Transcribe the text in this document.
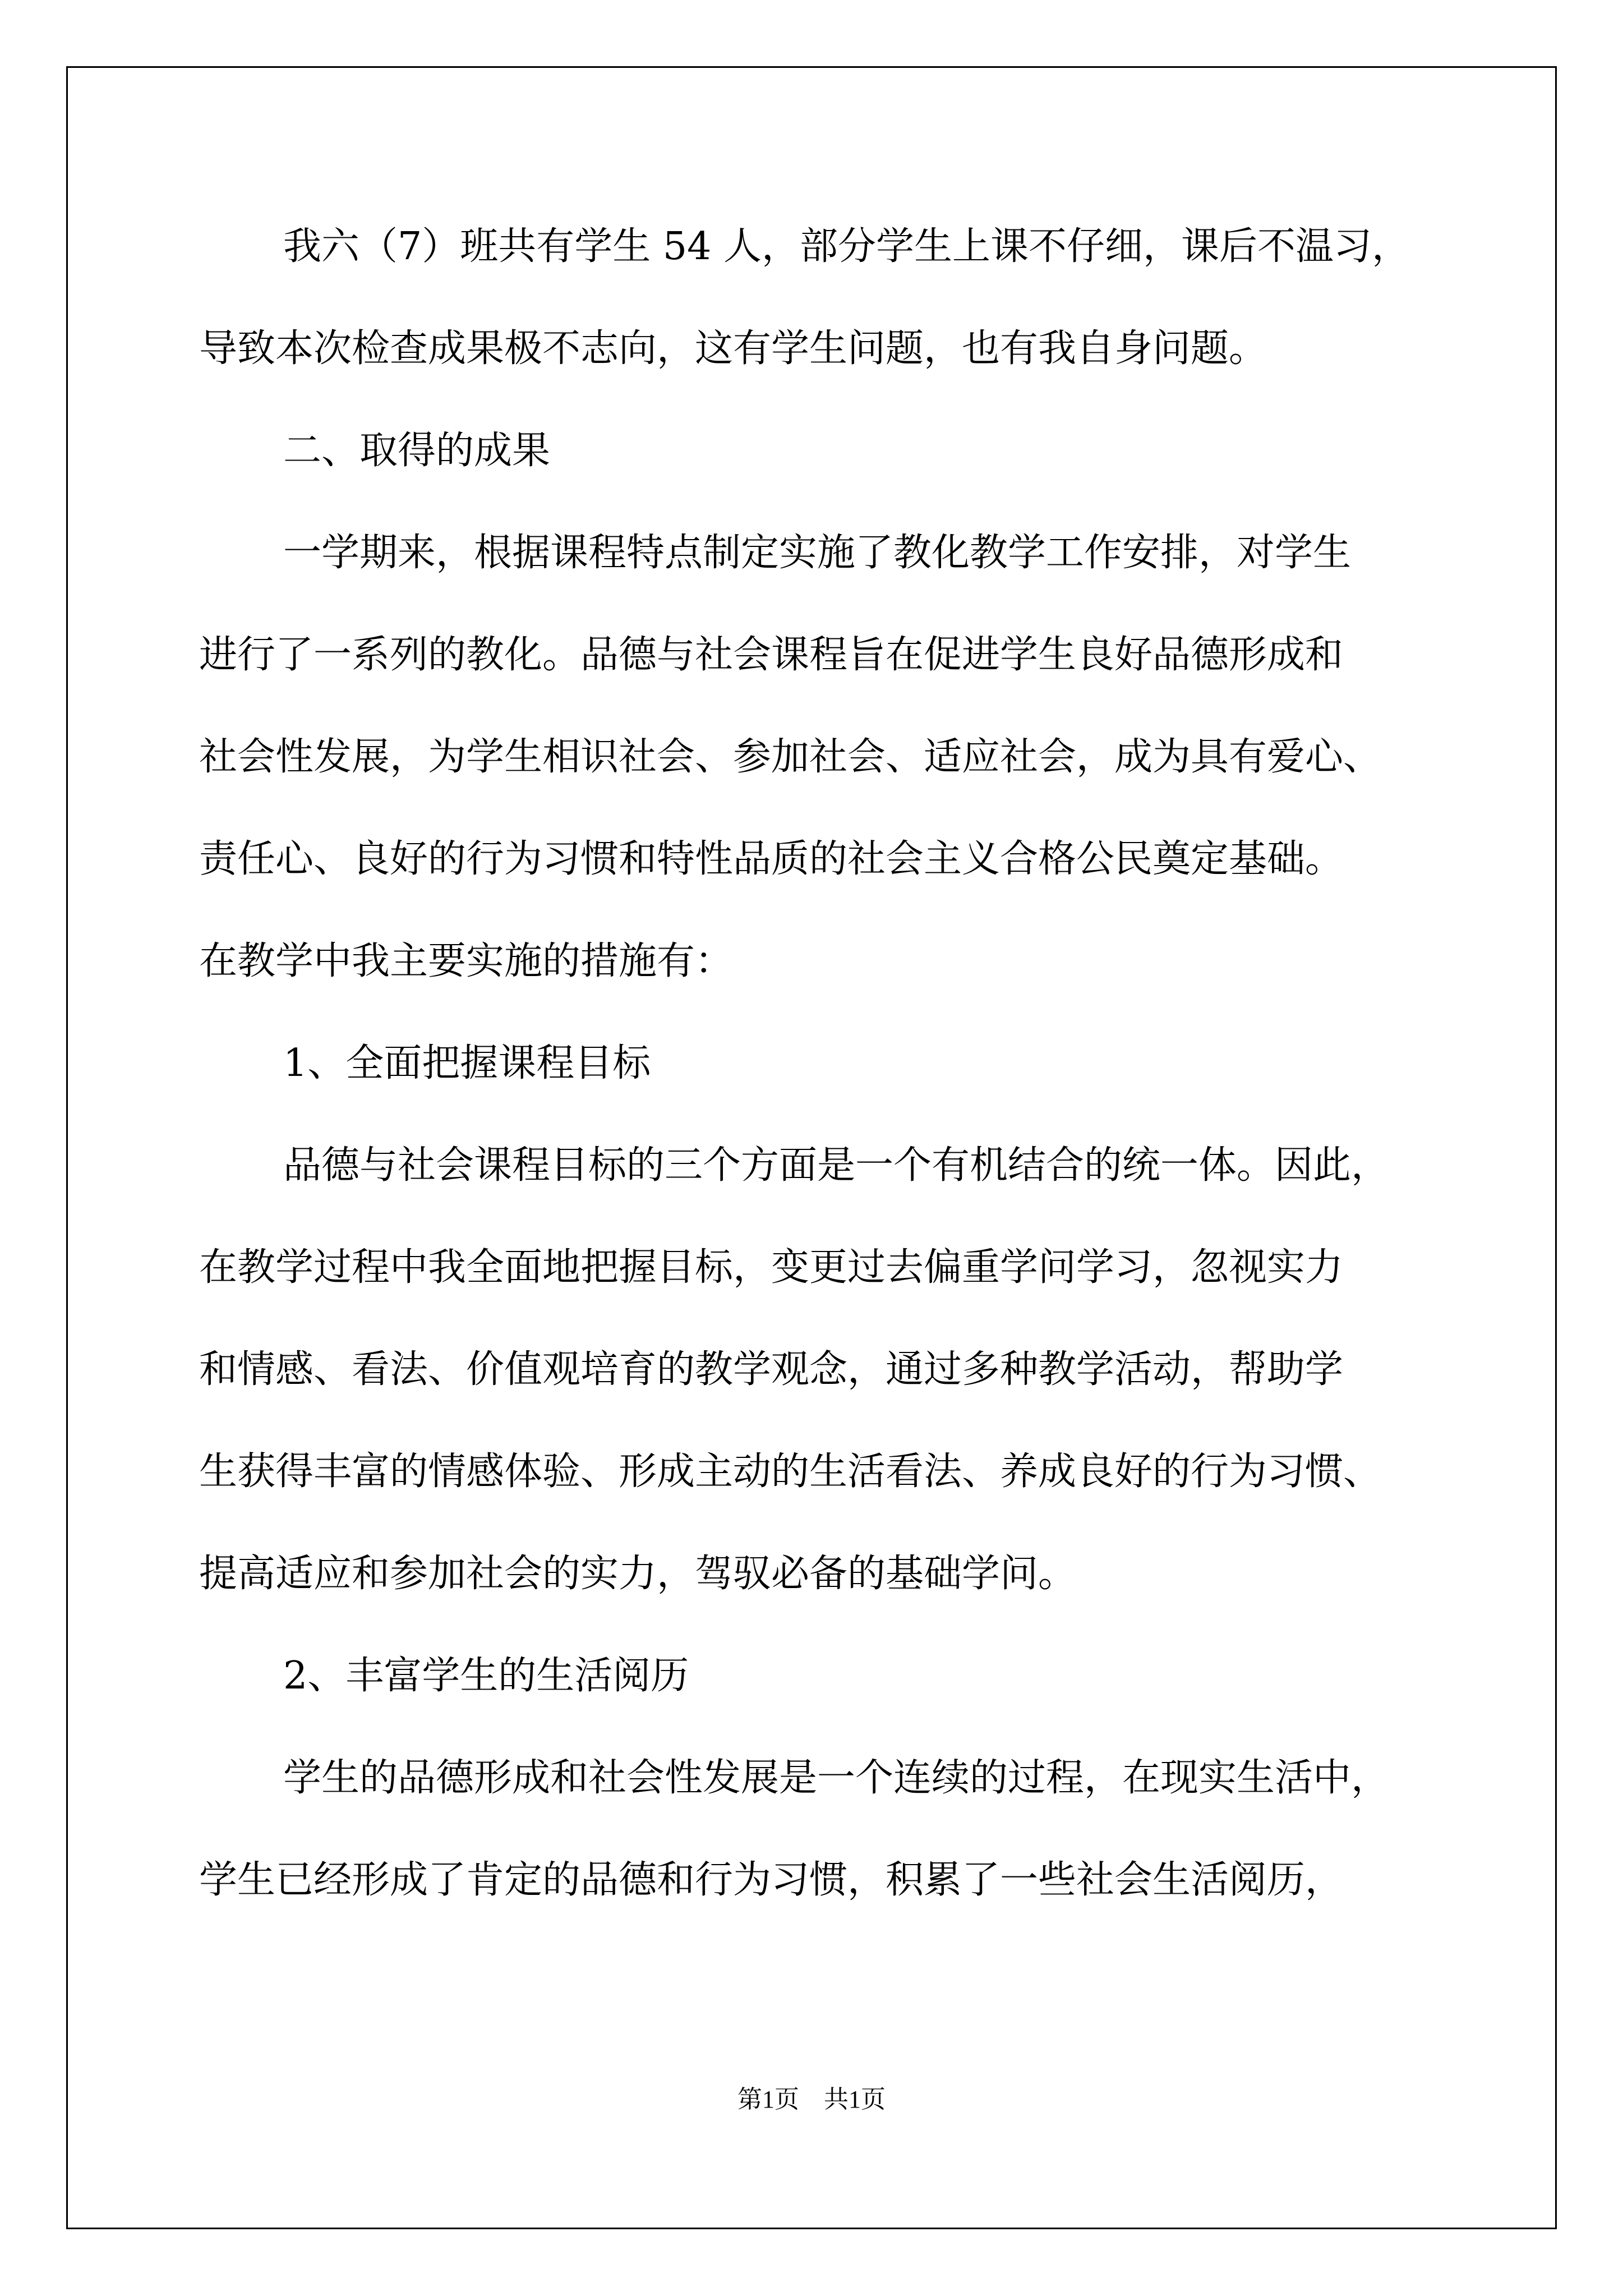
我六（7）班共有学生 54 人，部分学生上课不仔细，课后不温习，
导致本次检查成果极不志向，这有学生问题，也有我自身问题。
二、取得的成果
一学期来，根据课程特点制定实施了教化教学工作安排，对学生
进行了一系列的教化。品德与社会课程旨在促进学生良好品德形成和
社会性发展，为学生相识社会、参加社会、适应社会，成为具有爱心、
责任心、良好的行为习惯和特性品质的社会主义合格公民奠定基础。
在教学中我主要实施的措施有：
1、全面把握课程目标
品德与社会课程目标的三个方面是一个有机结合的统一体。因此，
在教学过程中我全面地把握目标，变更过去偏重学问学习，忽视实力
和情感、看法、价值观培育的教学观念，通过多种教学活动，帮助学
生获得丰富的情感体验、形成主动的生活看法、养成良好的行为习惯、
提高适应和参加社会的实力，驾驭必备的基础学问。
2、丰富学生的生活阅历
学生的品德形成和社会性发展是一个连续的过程，在现实生活中，
学生已经形成了肯定的品德和行为习惯，积累了一些社会生活阅历，
第1页 共1页
